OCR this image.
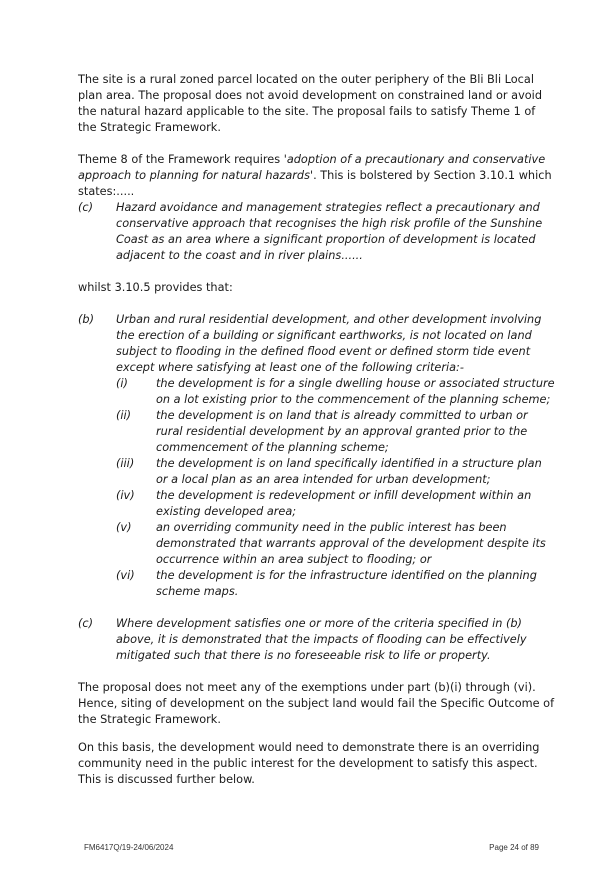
The site is a rural zoned parcel located on the outer periphery of the Bli Bli Local plan area. The proposal does not avoid development on constrained land or avoid the natural hazard applicable to the site. The proposal fails to satisfy Theme 1 of the Strategic Framework.

Theme 8 of the Framework requires 'adoption of a precautionary and conservative approach to planning for natural hazards'. This is bolstered by Section 3.10.1 which states:.....

(c) Hazard avoidance and management strategies reflect a precautionary and conservative approach that recognises the high risk profile of the Sunshine Coast as an area where a significant proportion of development is located adjacent to the coast and in river plains......

whilst 3.10.5 provides that:

(b) Urban and rural residential development, and other development involving the erection of a building or significant earthworks, is not located on land subject to flooding in the defined flood event or defined storm tide event except where satisfying at least one of the following criteria:-

(i) the development is for a single dwelling house or associated structure on a lot existing prior to the commencement of the planning scheme;

(ii) the development is on land that is already committed to urban or rural residential development by an approval granted prior to the commencement of the planning scheme;

(iii) the development is on land specifically identified in a structure plan or a local plan as an area intended for urban development;

(iv) the development is redevelopment or infill development within an existing developed area;

(v) an overriding community need in the public interest has been demonstrated that warrants approval of the development despite its occurrence within an area subject to flooding; or

(vi) the development is for the infrastructure identified on the planning scheme maps.

(c) Where development satisfies one or more of the criteria specified in (b) above, it is demonstrated that the impacts of flooding can be effectively mitigated such that there is no foreseeable risk to life or property.

The proposal does not meet any of the exemptions under part (b)(i) through (vi). Hence, siting of development on the subject land would fail the Specific Outcome of the Strategic Framework.

On this basis, the development would need to demonstrate there is an overriding community need in the public interest for the development to satisfy this aspect. This is discussed further below.

FM6417Q/19-24/06/2024	Page 24 of 89
